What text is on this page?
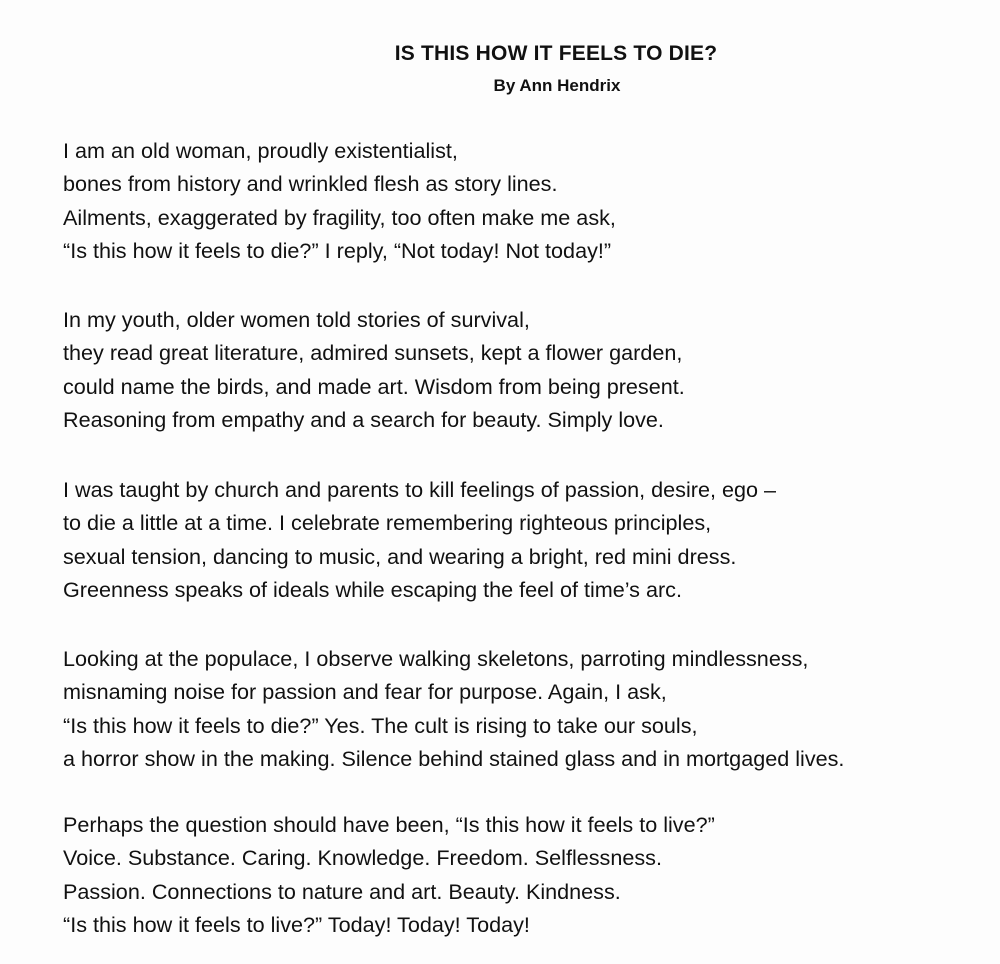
IS THIS HOW IT FEELS TO DIE?
By Ann Hendrix

I am an old woman, proudly existentialist,
bones from history and wrinkled flesh as story lines.
Ailments, exaggerated by fragility, too often make me ask,
“Is this how it feels to die?” I reply, “Not today! Not today!”

In my youth, older women told stories of survival,
they read great literature, admired sunsets, kept a flower garden,
could name the birds, and made art. Wisdom from being present.
Reasoning from empathy and a search for beauty. Simply love.

I was taught by church and parents to kill feelings of passion, desire, ego –
to die a little at a time. I celebrate remembering righteous principles,
sexual tension, dancing to music, and wearing a bright, red mini dress.
Greenness speaks of ideals while escaping the feel of time’s arc.

Looking at the populace, I observe walking skeletons, parroting mindlessness,
misnaming noise for passion and fear for purpose. Again, I ask,
“Is this how it feels to die?” Yes. The cult is rising to take our souls,
a horror show in the making. Silence behind stained glass and in mortgaged lives.

Perhaps the question should have been, “Is this how it feels to live?”
Voice. Substance. Caring. Knowledge. Freedom. Selflessness.
Passion. Connections to nature and art. Beauty. Kindness.
“Is this how it feels to live?” Today! Today! Today!
